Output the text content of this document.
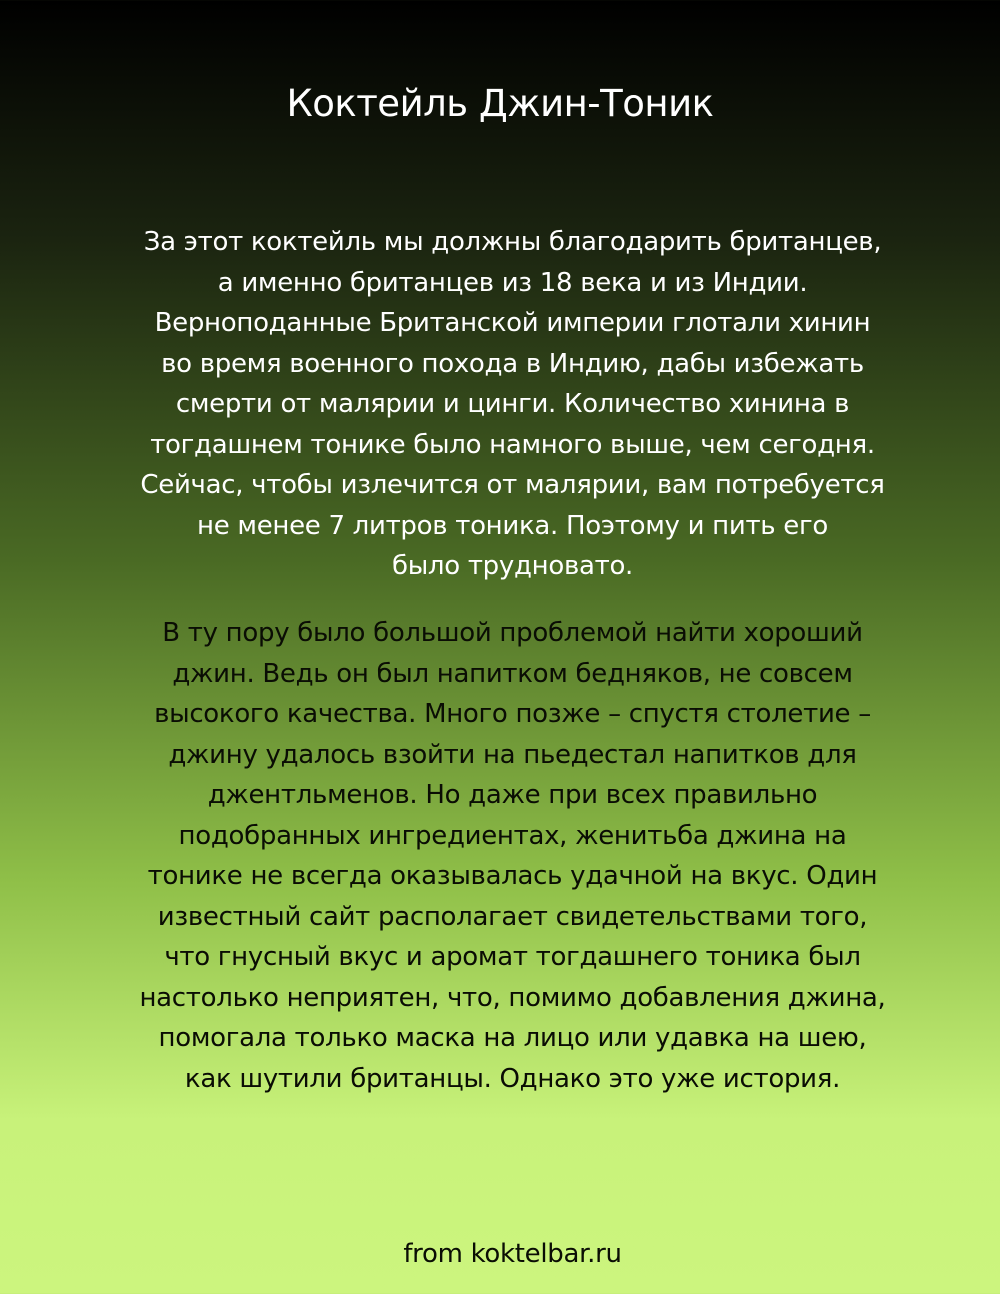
Коктейль Джин-Тоник
За этот коктейль мы должны благодарить британцев,
а именно британцев из 18 века и из Индии.
Верноподанные Британской империи глотали хинин
во время военного похода в Индию, дабы избежать
смерти от малярии и цинги. Количество хинина в
тогдашнем тонике было намного выше, чем сегодня.
Сейчас, чтобы излечится от малярии, вам потребуется
не менее 7 литров тоника. Поэтому и пить его
было трудновато.
В ту пору было большой проблемой найти хороший
джин. Ведь он был напитком бедняков, не совсем
высокого качества. Много позже – спустя столетие –
джину удалось взойти на пьедестал напитков для
джентльменов. Но даже при всех правильно
подобранных ингредиентах, женитьба джина на
тонике не всегда оказывалась удачной на вкус. Один
известный сайт располагает свидетельствами того,
что гнусный вкус и аромат тогдашнего тоника был
настолько неприятен, что, помимо добавления джина,
помогала только маска на лицо или удавка на шею,
как шутили британцы. Однако это уже история.
from koktelbar.ru
